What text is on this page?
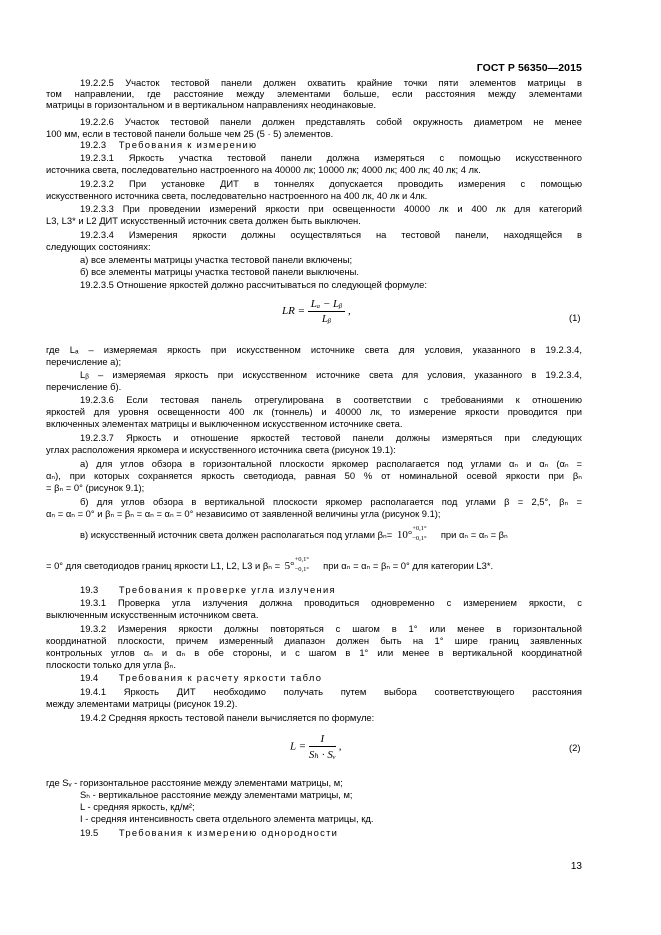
ГОСТ Р 56350—2015
19.2.2.5 Участок тестовой панели должен охватить крайние точки пяти элементов матрицы в
том направлении, где расстояние между элементами больше, если расстояния между элементами
матрицы в горизонтальном и в вертикальном направлениях неодинаковые.
19.2.2.6 Участок тестовой панели должен представлять собой окружность диаметром не менее
100 мм, если в тестовой панели больше чем 25 (5 · 5) элементов.
19.2.3 Требования к измерению
19.2.3.1 Яркость участка тестовой панели должна измеряться с помощью искусственного
источника света, последовательно настроенного на 40000 лк; 10000 лк; 4000 лк; 400 лк; 40 лк; 4 лк.
19.2.3.2 При установке ДИТ в тоннелях допускается проводить измерения с помощью
искусственного источника света, последовательно настроенного на 400 лк, 40 лк и 4лк.
19.2.3.3 При проведении измерений яркости при освещенности 40000 лк и 400 лк для категорий
L3, L3* и L2 ДИТ искусственный источник света должен быть выключен.
19.2.3.4 Измерения яркости должны осуществляться на тестовой панели, находящейся в
следующих состояниях:
а) все элементы матрицы участка тестовой панели включены;
б) все элементы матрицы участка тестовой панели выключены.
19.2.3.5 Отношение яркостей должно рассчитываться по следующей формуле:
LR = $\frac{\text{Lₐ − Lᵦ}}{\text{Lᵦ}}$ ,
(1)
где Lₐ – измеряемая яркость при искусственном источнике света для условия, указанного в 19.2.3.4,
перечисление а);
Lᵦ – измеряемая яркость при искусственном источнике света для условия, указанного в 19.2.3.4,
перечисление б).
19.2.3.6 Если тестовая панель отрегулирована в соответствии с требованиями к отношению
яркостей для уровня освещенности 400 лк (тоннель) и 40000 лк, то измерение яркости проводится при
включенных элементах матрицы и выключенном искусственном источнике света.
19.2.3.7 Яркость и отношение яркостей тестовой панели должны измеряться при следующих
углах расположения яркомера и искусственного источника света (рисунок 19.1):
а) для углов обзора в горизонтальной плоскости яркомер располагается под углами αₙ и αₙ (αₙ =
αₙ), при которых сохраняется яркость светодиода, равная 50 % от номинальной осевой яркости при βₙ
= βₙ = 0° (рисунок 9.1);
б) для углов обзора в вертикальной плоскости яркомер располагается под углами β = 2,5°, βₙ =
αₙ = αₙ = 0° и βₙ = βₙ = αₙ = αₙ = 0° независимо от заявленной величины угла (рисунок 9.1);
в) искусственный источник света должен располагаться под углами βₙ= 10°
+0,1°
−0,1° при αₙ = αₙ = βₙ
= 0° для светодиодов границ яркости L1, L2, L3 и βₙ = 5°
+0,1°
−0,1° при αₙ = αₙ = βₙ = 0° для категории L3*.
19.3 Требования к проверке угла излучения
19.3.1 Проверка угла излучения должна проводиться одновременно с измерением яркости, с
выключенным искусственным источником света.
19.3.2 Измерения яркости должны повторяться с шагом в 1° или менее в горизонтальной
координатной плоскости, причем измеренный диапазон должен быть на 1° шире границ заявленных
контрольных углов αₙ и αₙ в обе стороны, и с шагом в 1° или менее в вертикальной координатной
плоскости только для угла βₙ.
19.4 Требования к расчету яркости табло
19.4.1 Яркость ДИТ необходимо получать путем выбора соответствующего расстояния
между элементами матрицы (рисунок 19.2).
19.4.2 Средняя яркость тестовой панели вычисляется по формуле:
$L = \frac{I}{\text{Sₕ · Sᵥ}}$ ,	(2)
где Sᵥ - горизонтальное расстояние между элементами матрицы, м;
Sₕ - вертикальное расстояние между элементами матрицы, м;
L - средняя яркость, кд/м²;
I - средняя интенсивность света отдельного элемента матрицы, кд.
19.5 Требования к измерению однородности
13
